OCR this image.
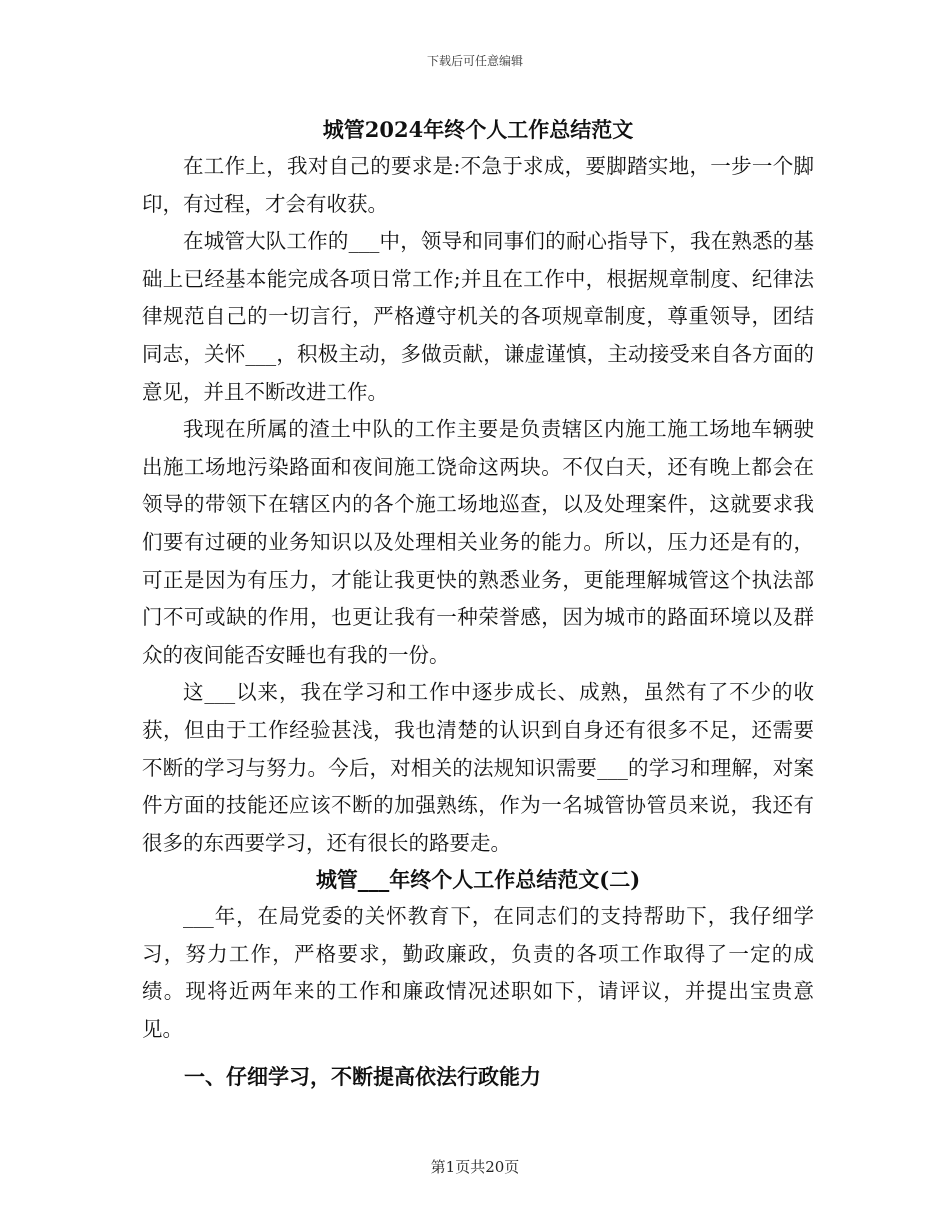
下载后可任意编辑
城管2024年终个人工作总结范文

在工作上，我对自己的要求是:不急于求成，要脚踏实地，一步一个脚印，有过程，才会有收获。

在城管大队工作的___中，领导和同事们的耐心指导下，我在熟悉的基础上已经基本能完成各项日常工作;并且在工作中，根据规章制度、纪律法律规范自己的一切言行，严格遵守机关的各项规章制度，尊重领导，团结同志，关怀___，积极主动，多做贡献，谦虚谨慎，主动接受来自各方面的意见，并且不断改进工作。

我现在所属的渣土中队的工作主要是负责辖区内施工施工场地车辆驶出施工场地污染路面和夜间施工饶命这两块。不仅白天，还有晚上都会在领导的带领下在辖区内的各个施工场地巡查，以及处理案件，这就要求我们要有过硬的业务知识以及处理相关业务的能力。所以，压力还是有的，可正是因为有压力，才能让我更快的熟悉业务，更能理解城管这个执法部门不可或缺的作用，也更让我有一种荣誉感，因为城市的路面环境以及群众的夜间能否安睡也有我的一份。

这___以来，我在学习和工作中逐步成长、成熟，虽然有了不少的收获，但由于工作经验甚浅，我也清楚的认识到自身还有很多不足，还需要不断的学习与努力。今后，对相关的法规知识需要___的学习和理解，对案件方面的技能还应该不断的加强熟练，作为一名城管协管员来说，我还有很多的东西要学习，还有很长的路要走。

城管___年终个人工作总结范文(二)

___年，在局党委的关怀教育下，在同志们的支持帮助下，我仔细学习，努力工作，严格要求，勤政廉政，负责的各项工作取得了一定的成绩。现将近两年来的工作和廉政情况述职如下，请评议，并提出宝贵意见。

一、仔细学习，不断提高依法行政能力
第1页共20页
